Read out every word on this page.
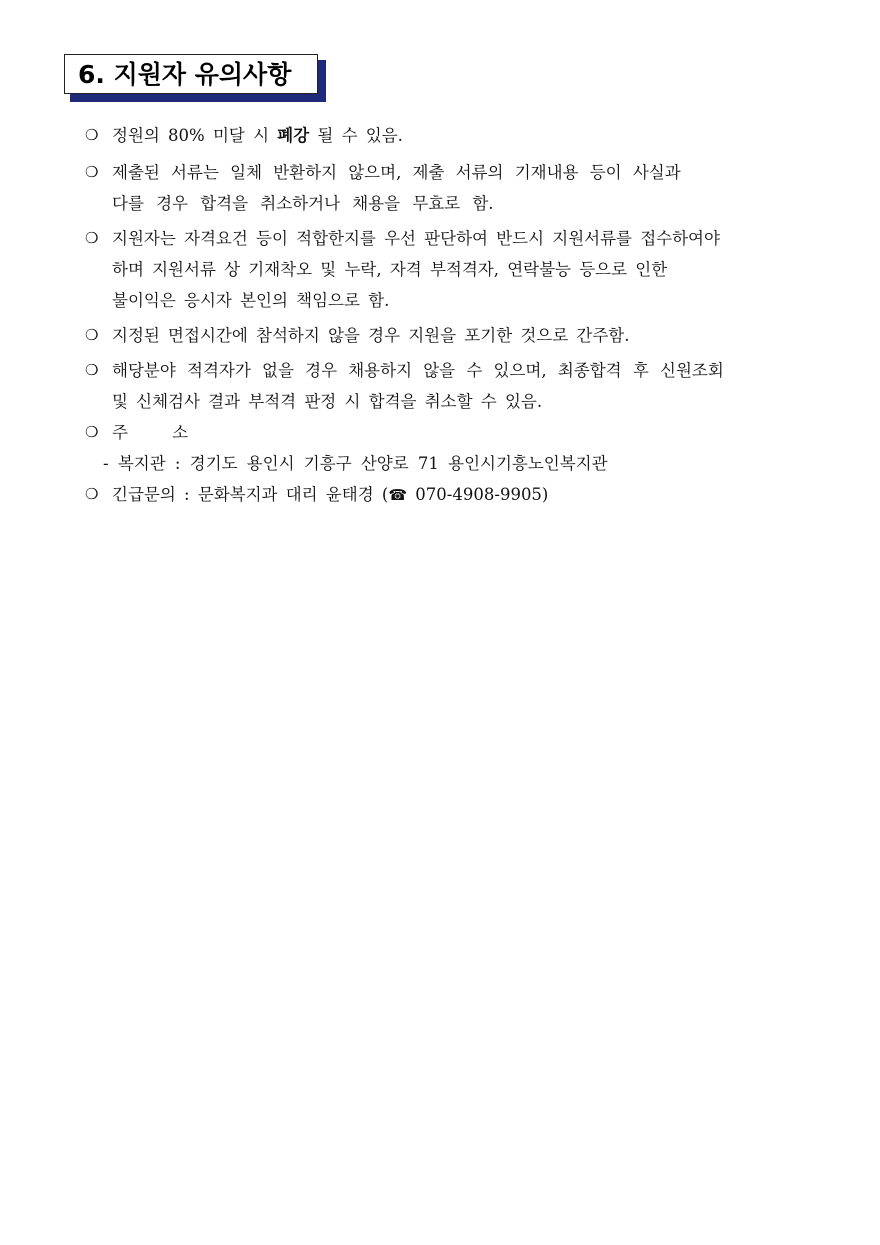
6. 지원자 유의사항
❍ 정원의 80% 미달 시 폐강 될 수 있음.
❍ 제출된 서류는 일체 반환하지 않으며, 제출 서류의 기재내용 등이 사실과
다를 경우 합격을 취소하거나 채용을 무효로 함.
❍ 지원자는 자격요건 등이 적합한지를 우선 판단하여 반드시 지원서류를 접수하여야
하며 지원서류 상 기재착오 및 누락, 자격 부적격자, 연락불능 등으로 인한
불이익은 응시자 본인의 책임으로 함.
❍ 지정된 면접시간에 참석하지 않을 경우 지원을 포기한 것으로 간주함.
❍ 해당분야 적격자가 없을 경우 채용하지 않을 수 있으며, 최종합격 후 신원조회
및 신체검사 결과 부적격 판정 시 합격을 취소할 수 있음.
❍ 주 소
- 복지관 : 경기도 용인시 기흥구 산양로 71 용인시기흥노인복지관
❍ 긴급문의 : 문화복지과 대리 윤태경 (☎ 070-4908-9905)
